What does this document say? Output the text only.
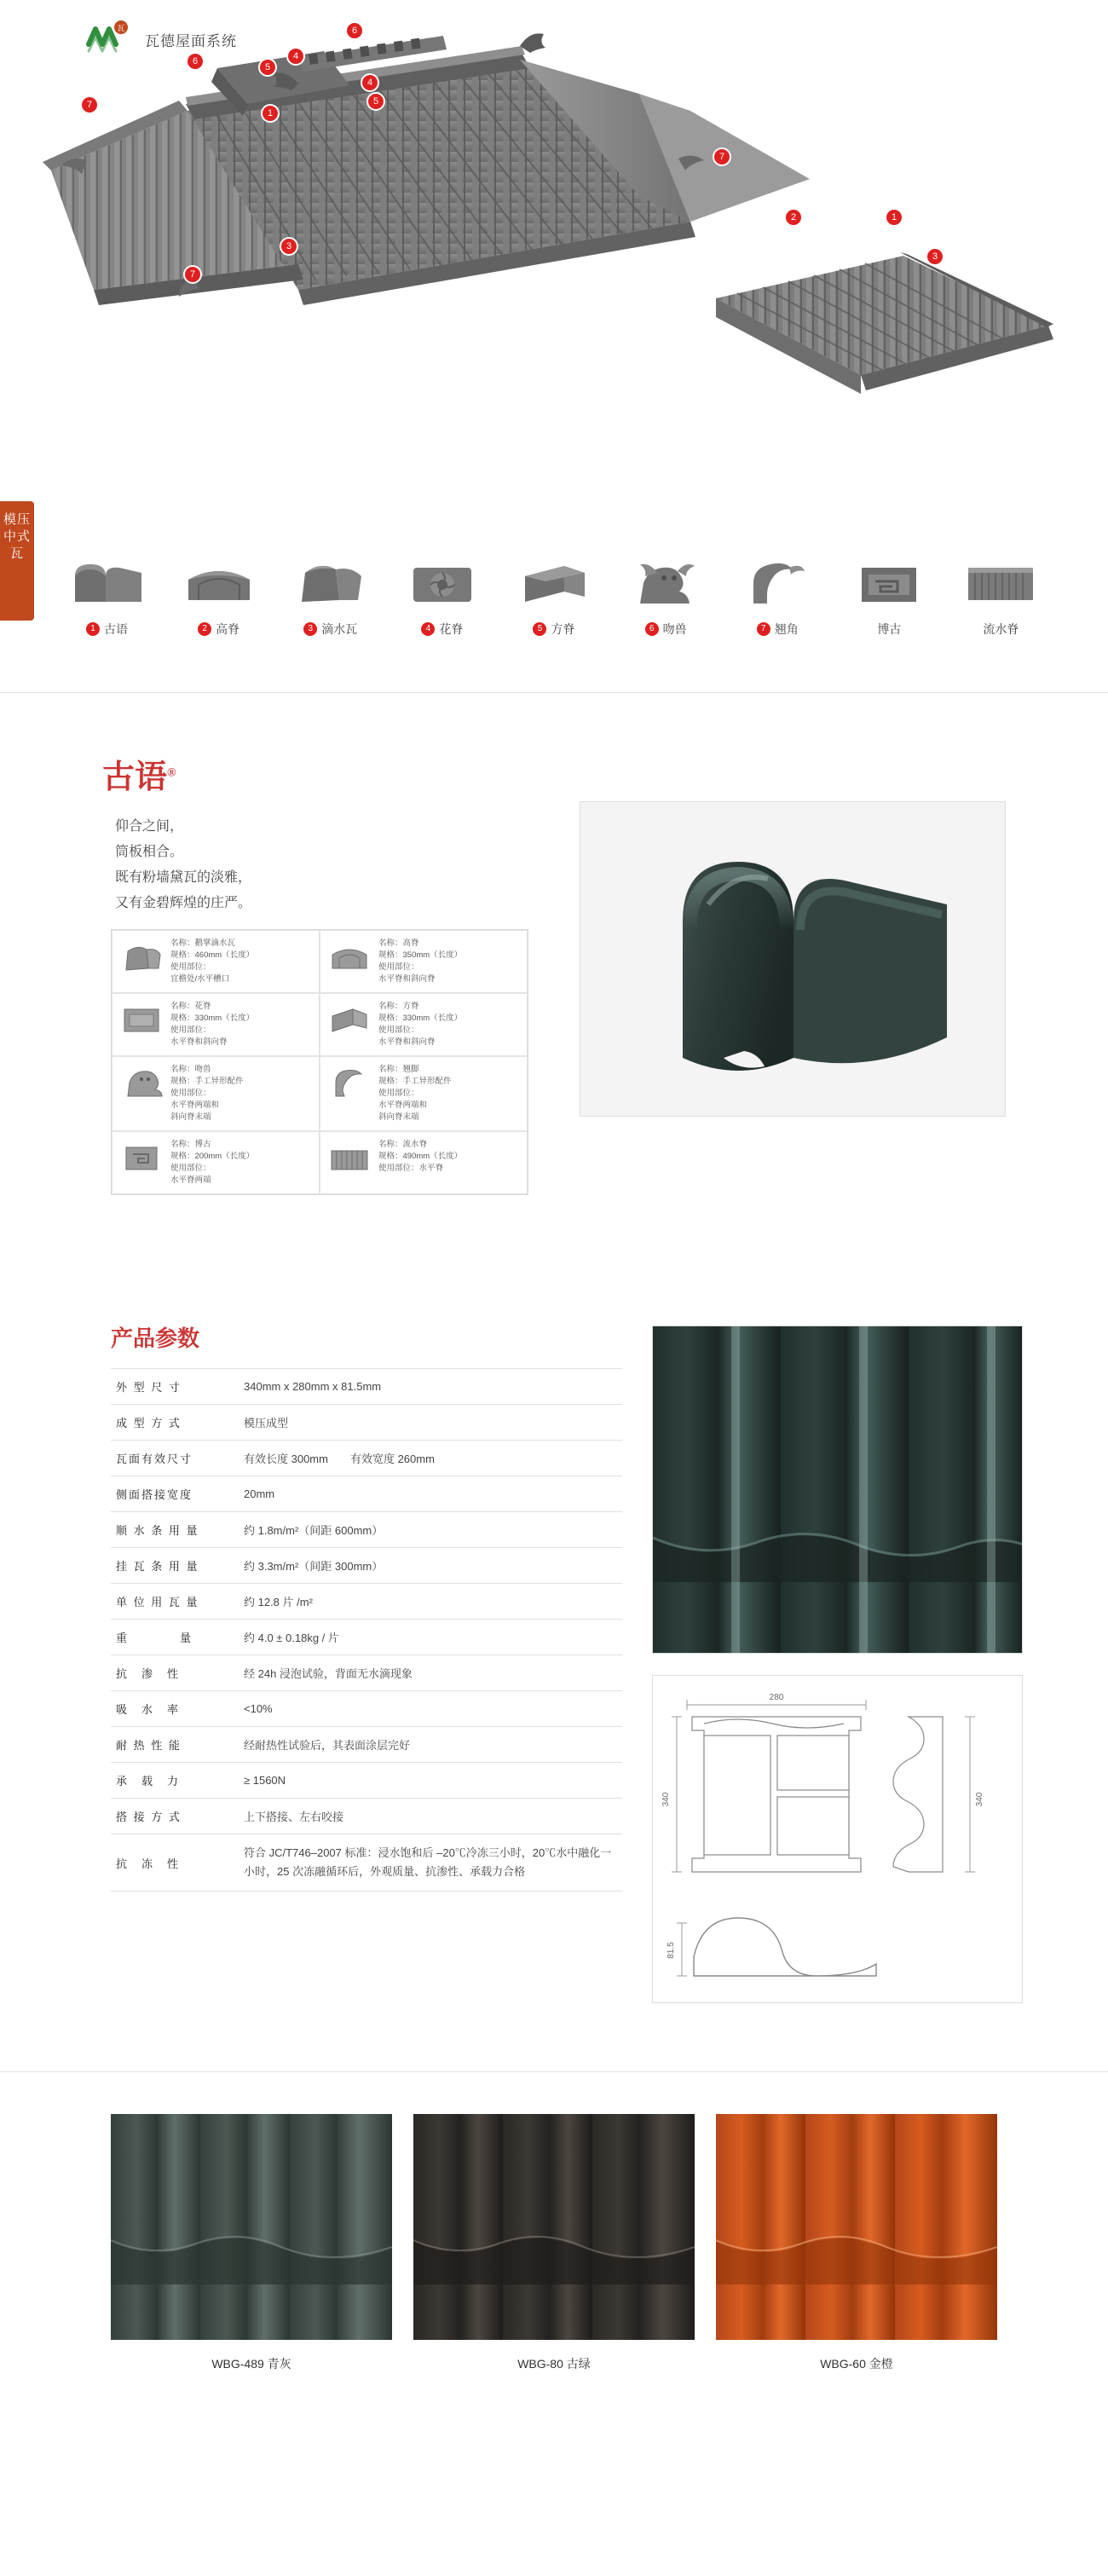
瓦
瓦德屋面系统
1
2
3
3
4
4
5
5
6
6
7
7
7
1
模压中式
瓦
1 古语	2 高脊	3 滴水瓦	4 花脊	5 方脊	6 吻兽	7 翘角	博古	流水脊
古语®
仰合之间，
筒板相合。
既有粉墙黛瓦的淡雅，
又有金碧辉煌的庄严。
名称：鹅掌滴水瓦
规格：460mm（长度）
使用部位：
宜檐处/水平槽口
名称：高脊
规格：350mm（长度）
使用部位：
水平脊和斜向脊
名称：花脊
规格：330mm（长度）
使用部位：
水平脊和斜向脊
名称：方脊
规格：330mm（长度）
使用部位：
水平脊和斜向脊
名称：吻兽
规格：手工异形配件
使用部位：
水平脊两端和
斜向脊末端
名称：翘脚
规格：手工异形配件
使用部位：
水平脊两端和
斜向脊末端
名称：博古
规格：200mm（长度）
使用部位：
水平脊两端
名称：流水脊
规格：490mm（长度）
使用部位：水平脊
产品参数
外 型 尺 寸	340mm x 280mm x 81.5mm
成 型 方 式	模压成型
瓦面有效尺寸	有效长度 300mm　　有效宽度 260mm
侧面搭接宽度	20mm
顺 水 条 用 量	约 1.8m/m²（间距 600mm）
挂 瓦 条 用 量	约 3.3m/m²（间距 300mm）
单 位 用 瓦 量	约 12.8 片 /m²
重　　　　量	约 4.0 ± 0.18kg / 片
抗　渗　性	经 24h 浸泡试验，背面无水滴现象
吸　水　率	<10%
耐 热 性 能	经耐热性试验后，其表面涂层完好
承　载　力	≥ 1560N
搭 接 方 式	上下搭接、左右咬接
抗　冻　性	符合 JC/T746–2007 标准：浸水饱和后 –20℃冷冻三小时，20℃水中融化一小时，25 次冻融循环后，外观质量、抗渗性、承载力合格
280
340	340
81.5
WBG-489 青灰	WBG-80 古绿	WBG-60 金橙
